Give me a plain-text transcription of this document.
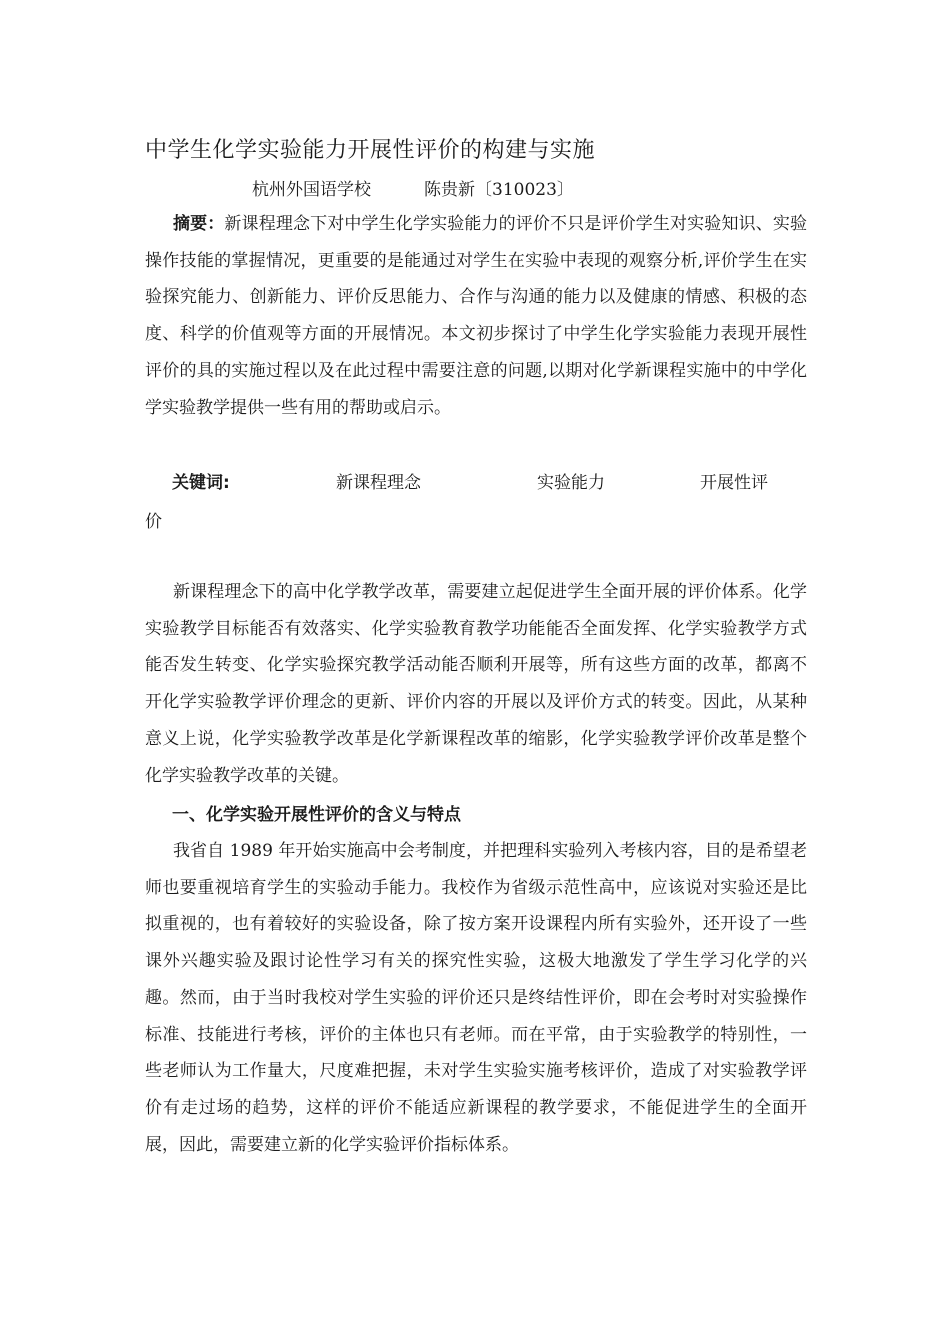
中学生化学实验能力开展性评价的构建与实施
杭州外国语学校	陈贵新〔310023〕

摘要：新课程理念下对中学生化学实验能力的评价不只是评价学生对实验知识、实验操作技能的掌握情况，更重要的是能通过对学生在实验中表现的观察分析,评价学生在实验探究能力、创新能力、评价反思能力、合作与沟通的能力以及健康的情感、积极的态度、科学的价值观等方面的开展情况。本文初步探讨了中学生化学实验能力表现开展性评价的具的实施过程以及在此过程中需要注意的问题,以期对化学新课程实施中的中学化学实验教学提供一些有用的帮助或启示。

关键词:	新课程理念	实验能力	开展性评
价

新课程理念下的高中化学教学改革，需要建立起促进学生全面开展的评价体系。化学实验教学目标能否有效落实、化学实验教育教学功能能否全面发挥、化学实验教学方式能否发生转变、化学实验探究教学活动能否顺利开展等，所有这些方面的改革，都离不开化学实验教学评价理念的更新、评价内容的开展以及评价方式的转变。因此，从某种意义上说，化学实验教学改革是化学新课程改革的缩影，化学实验教学评价改革是整个化学实验教学改革的关键。

一、化学实验开展性评价的含义与特点

我省自 1989 年开始实施高中会考制度，并把理科实验列入考核内容，目的是希望老师也要重视培育学生的实验动手能力。我校作为省级示范性高中，应该说对实验还是比拟重视的，也有着较好的实验设备，除了按方案开设课程内所有实验外，还开设了一些课外兴趣实验及跟讨论性学习有关的探究性实验，这极大地激发了学生学习化学的兴趣。然而，由于当时我校对学生实验的评价还只是终结性评价，即在会考时对实验操作标准、技能进行考核，评价的主体也只有老师。而在平常，由于实验教学的特别性，一些老师认为工作量大，尺度难把握，未对学生实验实施考核评价，造成了对实验教学评价有走过场的趋势，这样的评价不能适应新课程的教学要求，不能促进学生的全面开展，因此，需要建立新的化学实验评价指标体系。
